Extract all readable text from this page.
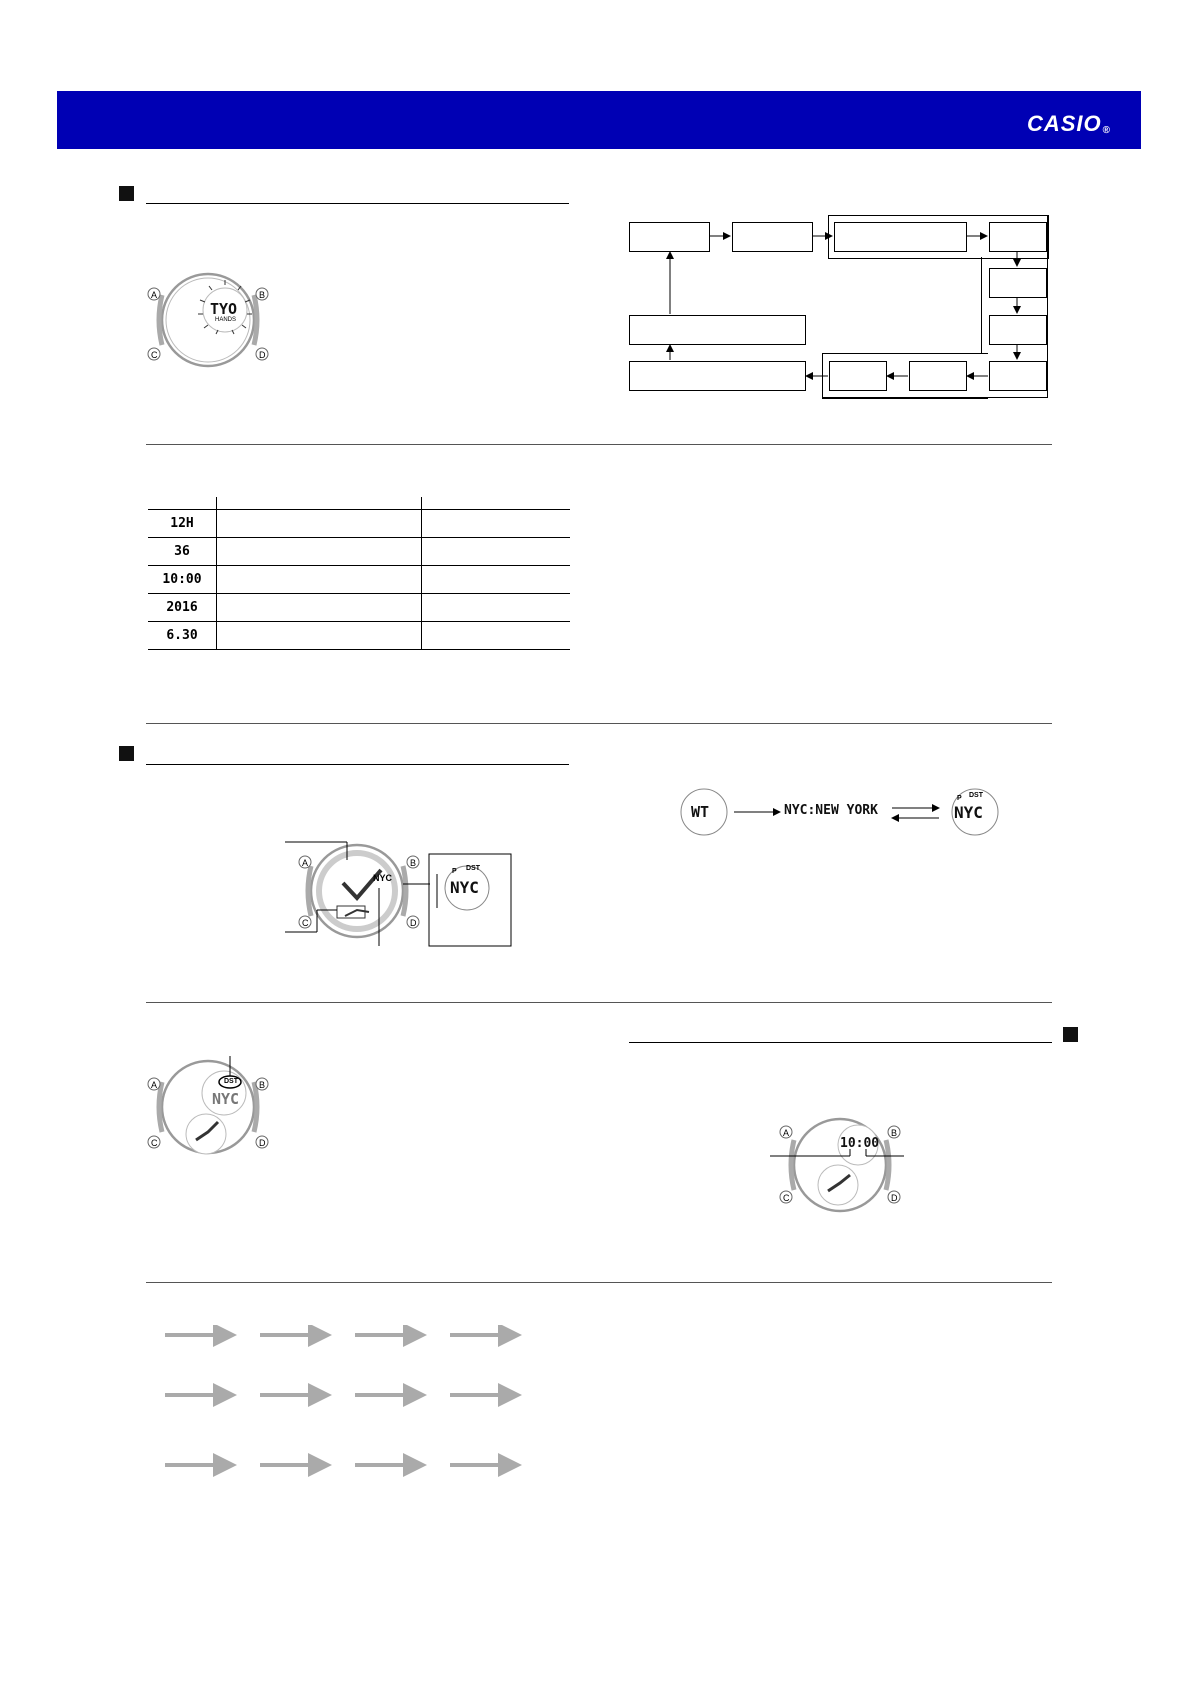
CASIO®
A	B
C	D
TYO
HANDS

12H		
36		
10:00		
2016		
6.30		
A	B
C	D
NYC
P DST
NYC
WT	NYC:NEW YORK
P DST
NYC
A	B
C	D
DST
NYC
A	B
C	D
10:00
